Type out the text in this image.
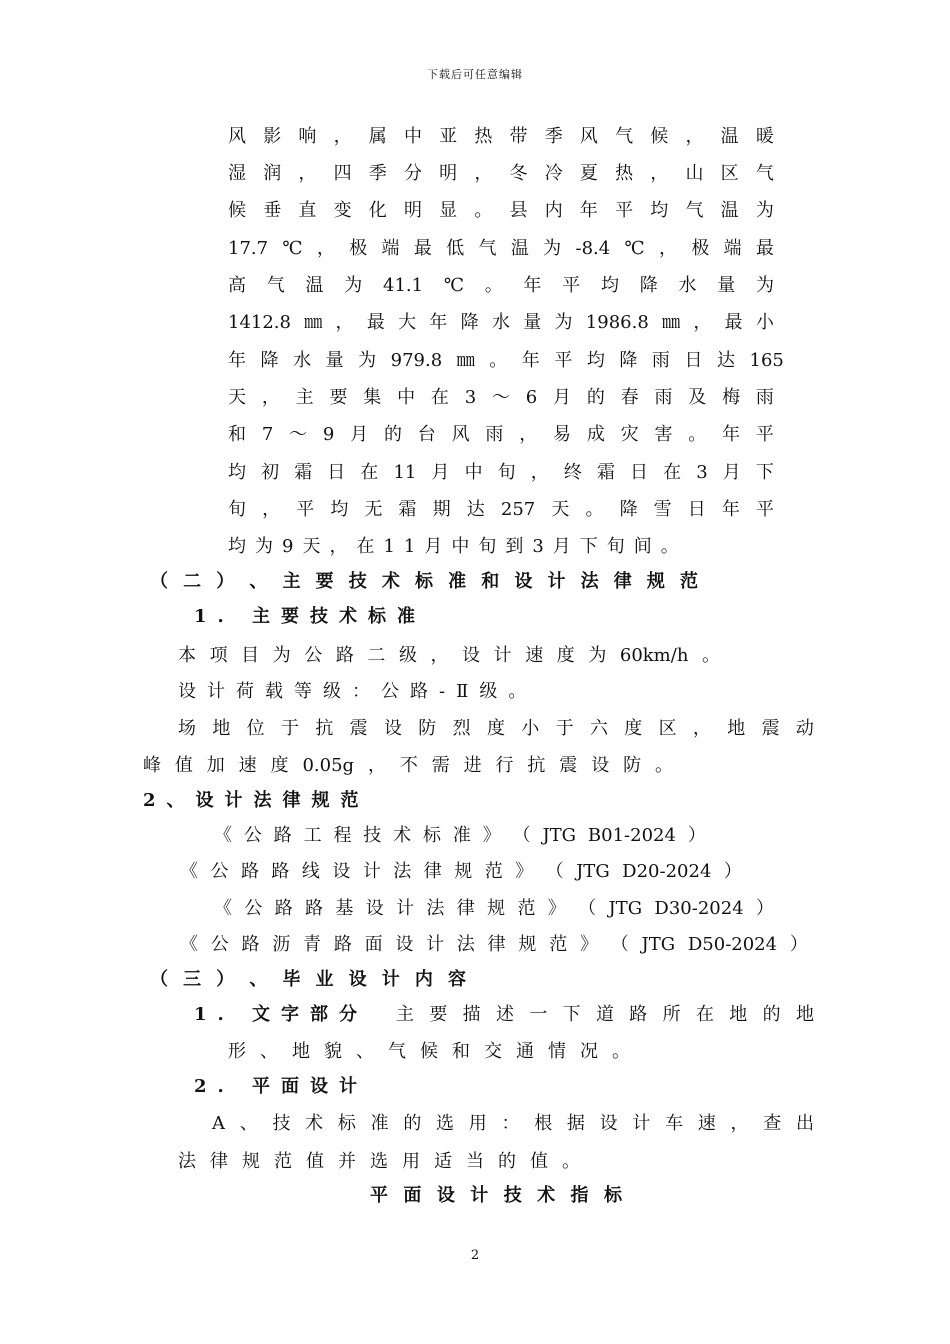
下载后可任意编辑
风 影 响 ， 属 中 亚 热 带 季 风 气 候 ， 温 暖
湿 润 ， 四 季 分 明 ， 冬 冷 夏 热 ， 山 区 气
候 垂 直 变 化 明 显 。 县 内 年 平 均 气 温 为
17.7 ℃ ， 极 端 最 低 气 温 为 -8.4 ℃ ， 极 端 最
高 气 温 为 41.1 ℃ 。 年 平 均 降 水 量 为
1412.8 ㎜ ， 最 大 年 降 水 量 为 1986.8 ㎜ ， 最 小
年 降 水 量 为 979.8 ㎜ 。 年 平 均 降 雨 日 达 165
天 ， 主 要 集 中 在 3 ～ 6 月 的 春 雨 及 梅 雨
和 7 ～ 9 月 的 台 风 雨 ， 易 成 灾 害 。 年 平
均 初 霜 日 在 11 月 中 旬 ， 终 霜 日 在 3 月 下
旬 ， 平 均 无 霜 期 达 257 天 。 降 雪 日 年 平
均为9天，在11月中旬到3月下旬间。
（ 二 ） 、 主 要 技 术 标 准 和 设 计 法 律 规 范
1. 主要技术标准
本 项 目 为 公 路 二 级 ， 设 计 速 度 为 60km/h 。
设计荷载等级：公路-Ⅱ级。
场 地 位 于 抗 震 设 防 烈 度 小 于 六 度 区 ， 地 震 动
峰 值 加 速 度 0.05g ， 不 需 进 行 抗 震 设 防 。
2、设计法律规范
《 公 路 工 程 技 术 标 准 》 （ JTG B01-2024 ）
《 公 路 路 线 设 计 法 律 规 范 》 （ JTG D20-2024 ）
《 公 路 路 基 设 计 法 律 规 范 》 （ JTG D30-2024 ）
《 公 路 沥 青 路 面 设 计 法 律 规 范 》 （ JTG D50-2024 ）
（ 三 ） 、 毕 业 设 计 内 容
1. 文字部分 主 要 描 述 一 下 道 路 所 在 地 的 地
形、地貌、气候和交通情况。
2. 平面设计
A 、 技 术 标 准 的 选 用 ： 根 据 设 计 车 速 ， 查 出
法律规范值并选用适当的值。
平 面 设 计 技 术 指 标
2
